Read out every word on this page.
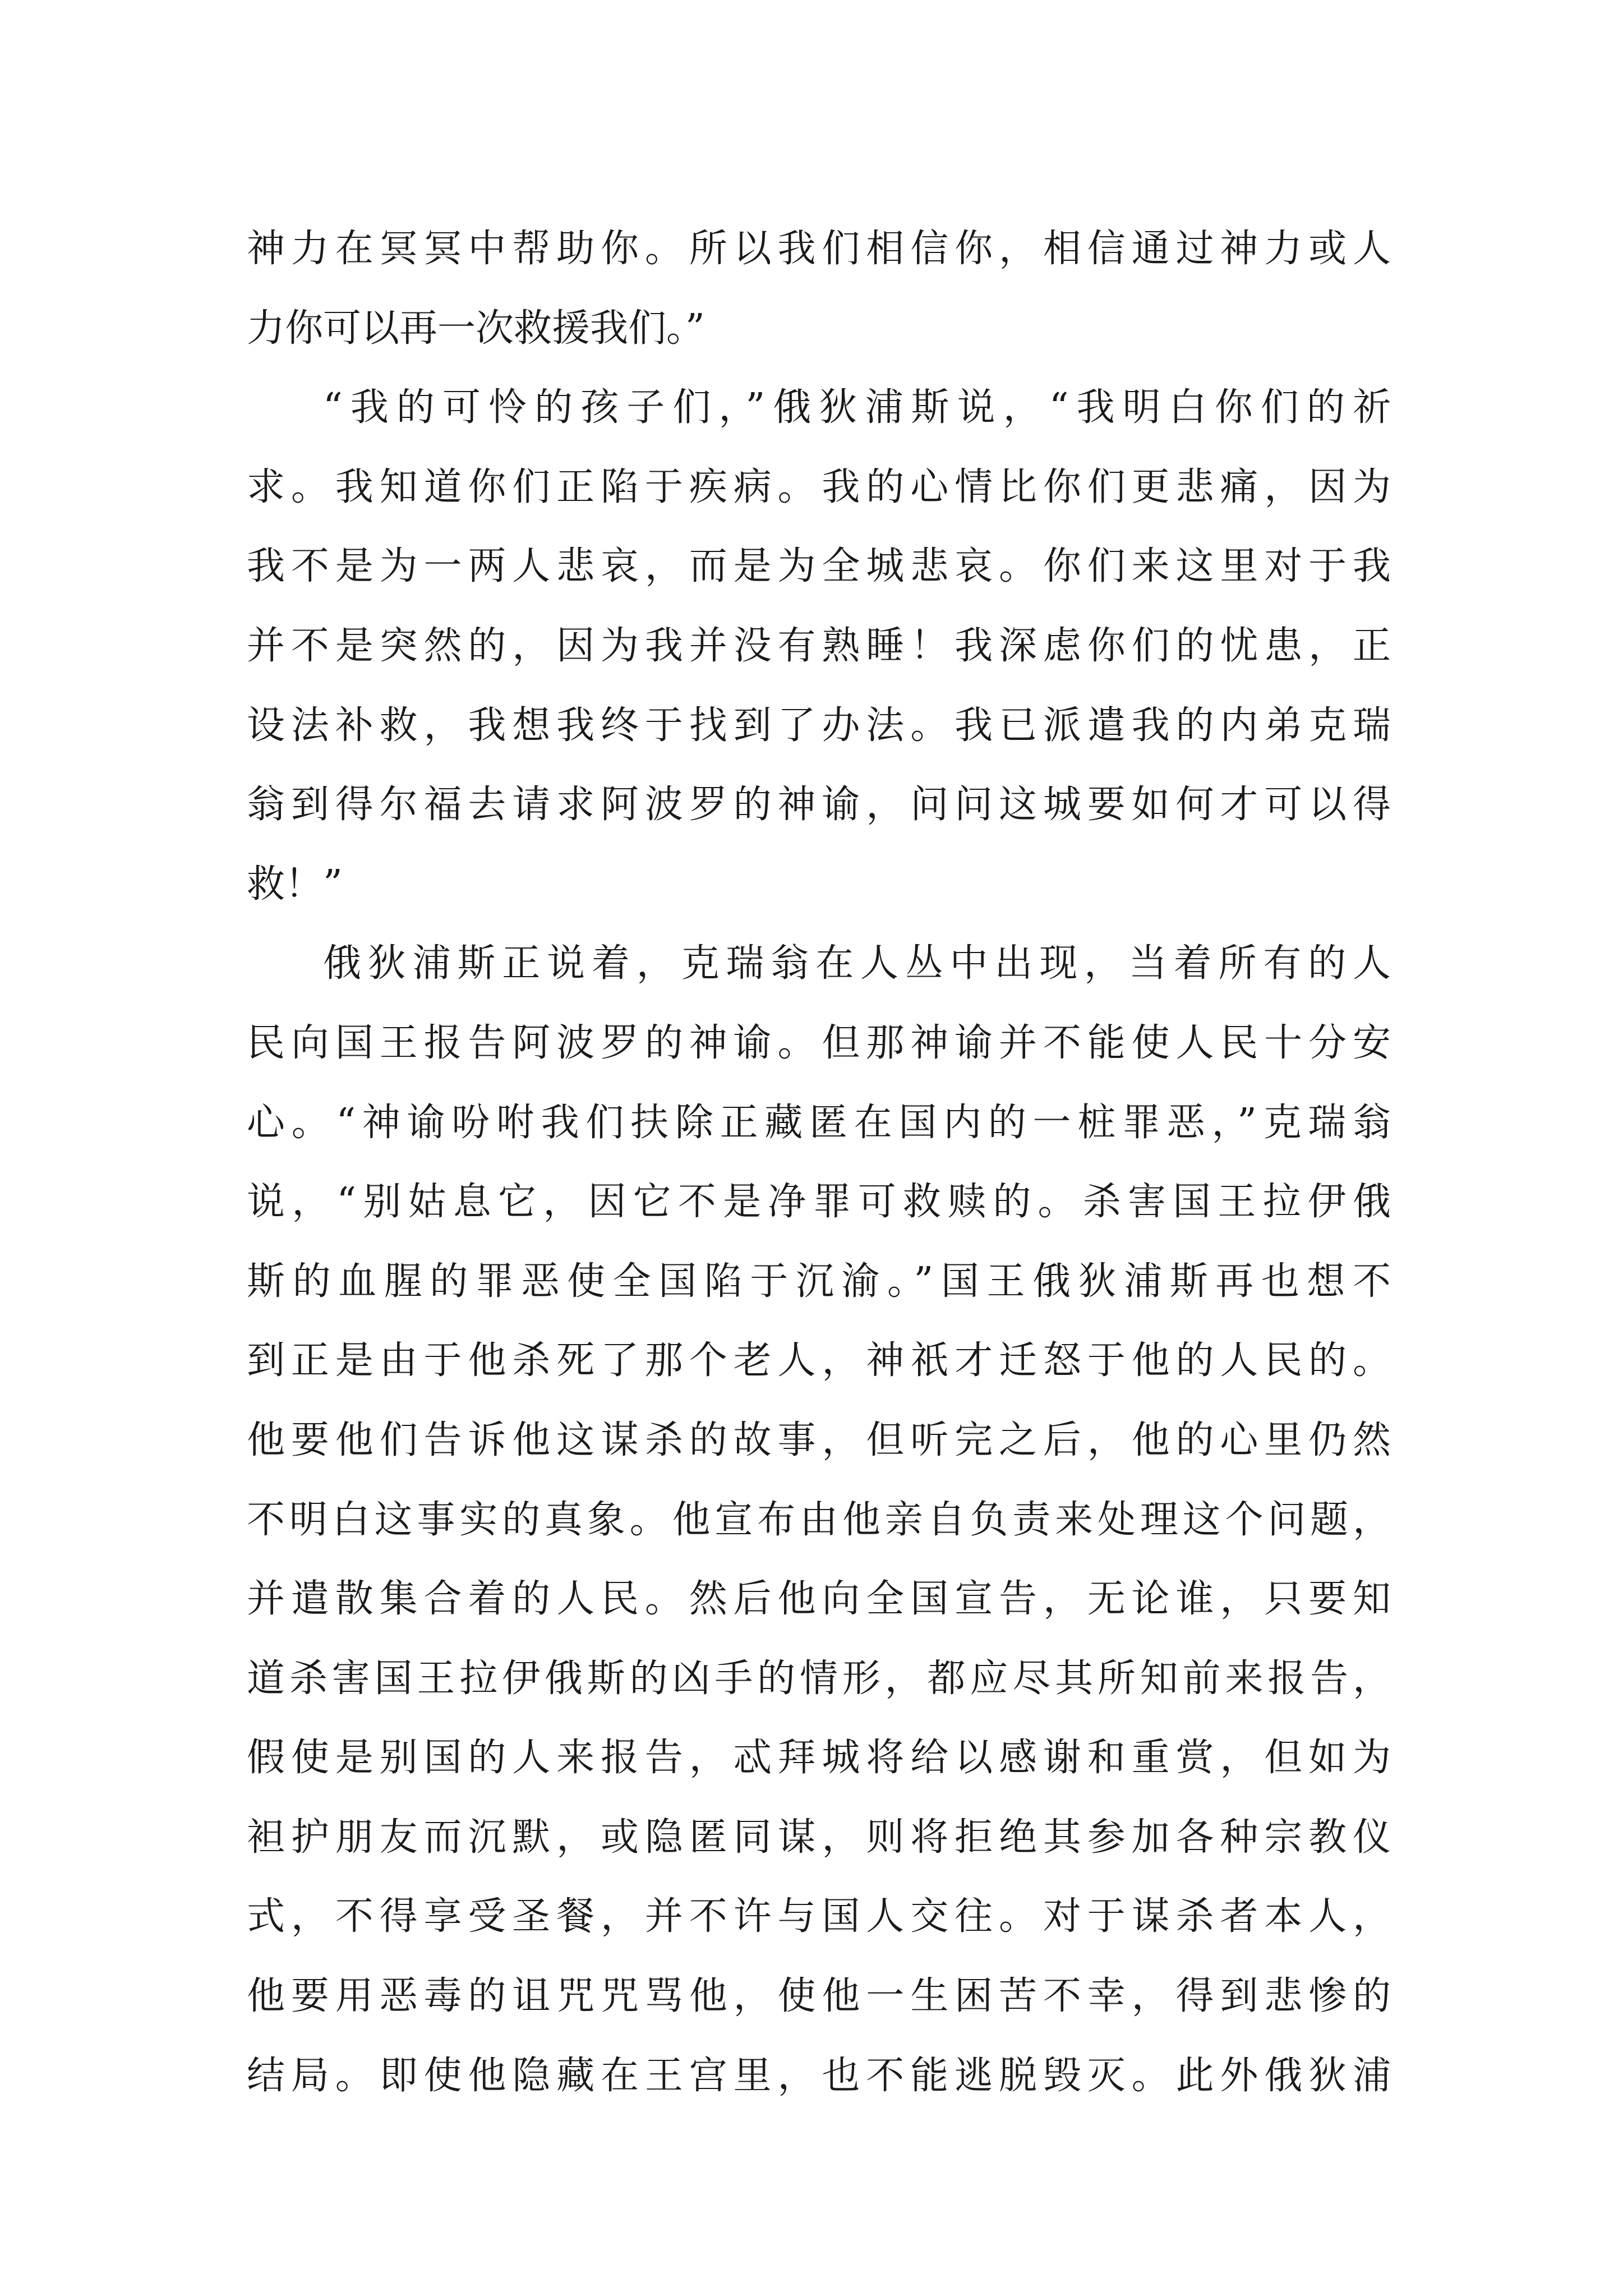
神力在冥冥中帮助你。所以我们相信你，相信通过神力或人
力你可以再一次救援我们。”
“我的可怜的孩子们，”俄狄浦斯说，“我明白你们的祈
求。我知道你们正陷于疾病。我的心情比你们更悲痛，因为
我不是为一两人悲哀，而是为全城悲哀。你们来这里对于我
并不是突然的，因为我并没有熟睡！我深虑你们的忧患，正
设法补救，我想我终于找到了办法。我已派遣我的内弟克瑞
翁到得尔福去请求阿波罗的神谕，问问这城要如何才可以得
救！”
俄狄浦斯正说着，克瑞翁在人丛中出现，当着所有的人
民向国王报告阿波罗的神谕。但那神谕并不能使人民十分安
心。“神谕吩咐我们扶除正藏匿在国内的一桩罪恶，”克瑞翁
说，“别姑息它，因它不是净罪可救赎的。杀害国王拉伊俄
斯的血腥的罪恶使全国陷于沉渝。”国王俄狄浦斯再也想不
到正是由于他杀死了那个老人，神祇才迁怒于他的人民的。
他要他们告诉他这谋杀的故事，但听完之后，他的心里仍然
不明白这事实的真象。他宣布由他亲自负责来处理这个问题，
并遣散集合着的人民。然后他向全国宣告，无论谁，只要知
道杀害国王拉伊俄斯的凶手的情形，都应尽其所知前来报告，
假使是别国的人来报告，忒拜城将给以感谢和重赏，但如为
袒护朋友而沉默，或隐匿同谋，则将拒绝其参加各种宗教仪
式，不得享受圣餐，并不许与国人交往。对于谋杀者本人，
他要用恶毒的诅咒咒骂他，使他一生困苦不幸，得到悲惨的
结局。即使他隐藏在王宫里，也不能逃脱毁灭。此外俄狄浦
